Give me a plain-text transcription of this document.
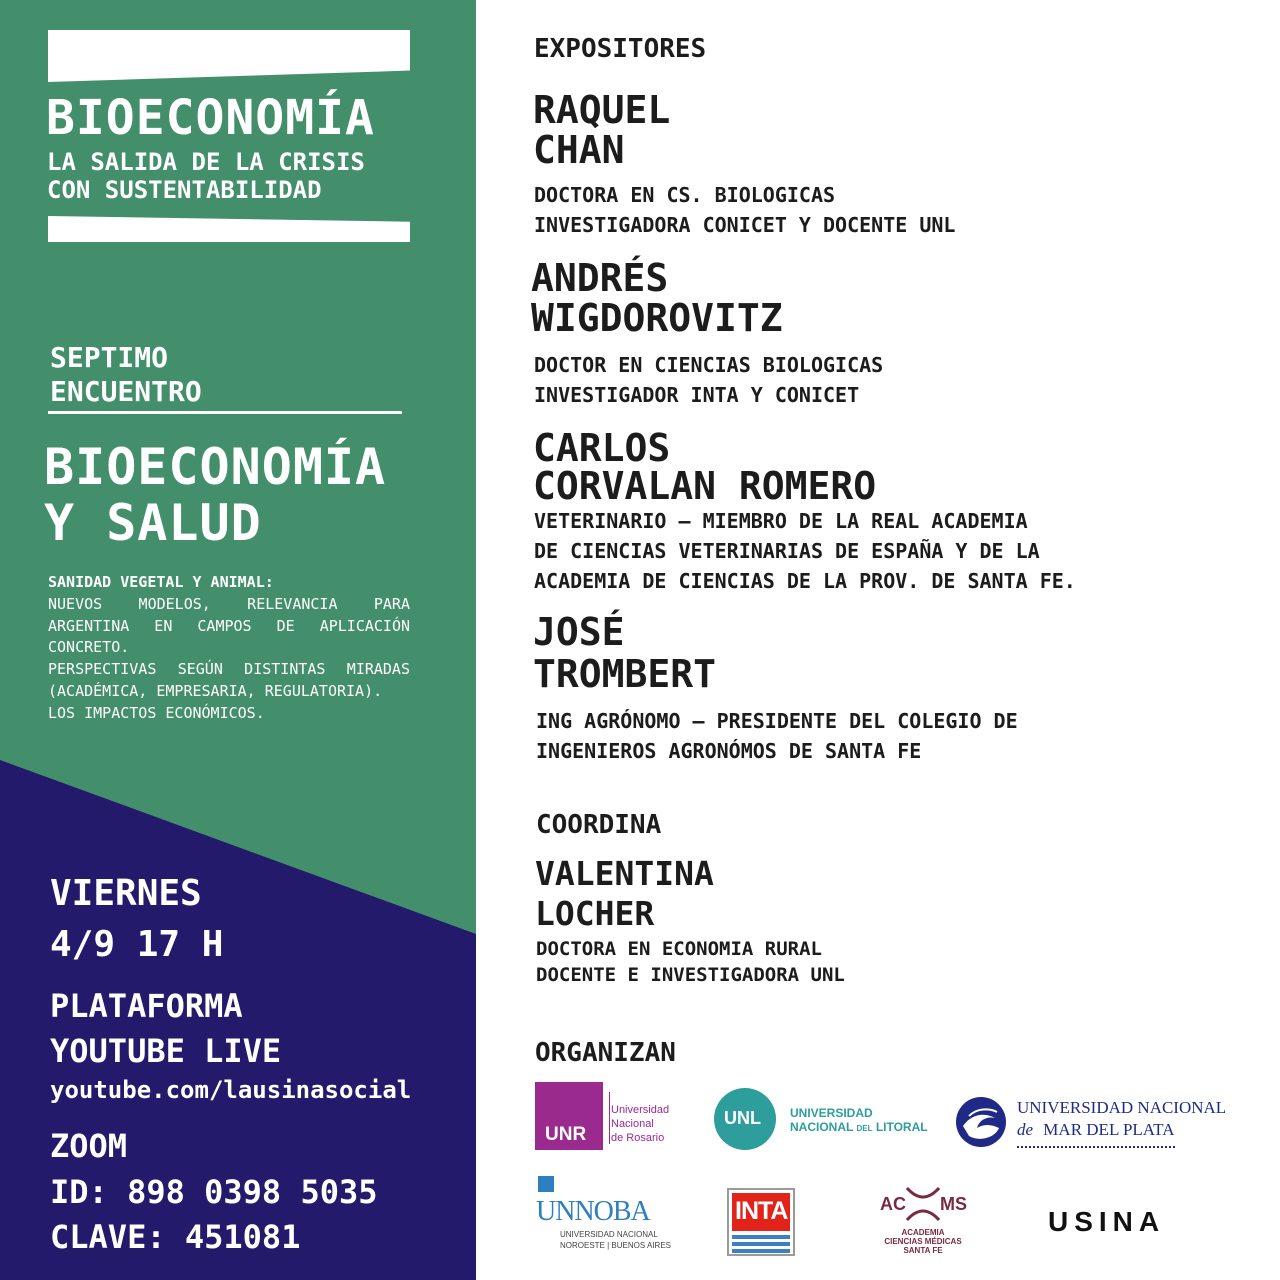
BIOECONOMÍA
LA SALIDA DE LA CRISIS
CON SUSTENTABILIDAD
SEPTIMO
ENCUENTRO
BIOECONOMÍA
Y SALUD
SANIDAD VEGETAL Y ANIMAL:
NUEVOS MODELOS, RELEVANCIA PARA ARGENTINA EN CAMPOS DE APLICACIÓN CONCRETO.
PERSPECTIVAS SEGÚN DISTINTAS MIRADAS (ACADÉMICA, EMPRESARIA, REGULATORIA).
LOS IMPACTOS ECONÓMICOS.
VIERNES
4/9 17 H
PLATAFORMA
YOUTUBE LIVE
youtube.com/lausinasocial
ZOOM
ID: 898 0398 5035
CLAVE: 451081
EXPOSITORES
RAQUEL
CHAN
DOCTORA EN CS. BIOLOGICAS
INVESTIGADORA CONICET Y DOCENTE UNL
ANDRÉS
WIGDOROVITZ
DOCTOR EN CIENCIAS BIOLOGICAS
INVESTIGADOR INTA Y CONICET
CARLOS
CORVALAN ROMERO
VETERINARIO – MIEMBRO DE LA REAL ACADEMIA
DE CIENCIAS VETERINARIAS DE ESPAÑA Y DE LA
ACADEMIA DE CIENCIAS DE LA PROV. DE SANTA FE.
JOSÉ
TROMBERT
ING AGRÓNOMO – PRESIDENTE DEL COLEGIO DE
INGENIEROS AGRONÓMOS DE SANTA FE
COORDINA
VALENTINA
LOCHER
DOCTORA EN ECONOMIA RURAL
DOCENTE E INVESTIGADORA UNL
ORGANIZAN
UNR
Universidad
Nacional
de Rosario
UNL UNIVERSIDAD
NACIONAL DEL LITORAL
UNIVERSIDAD NACIONAL
de MAR DEL PLATA
UNNOBA
UNIVERSIDAD NACIONAL
NOROESTE | BUENOS AIRES
INTA	AC MS
ACADEMIA
CIENCIAS MÉDICAS
SANTA FE
USINA
